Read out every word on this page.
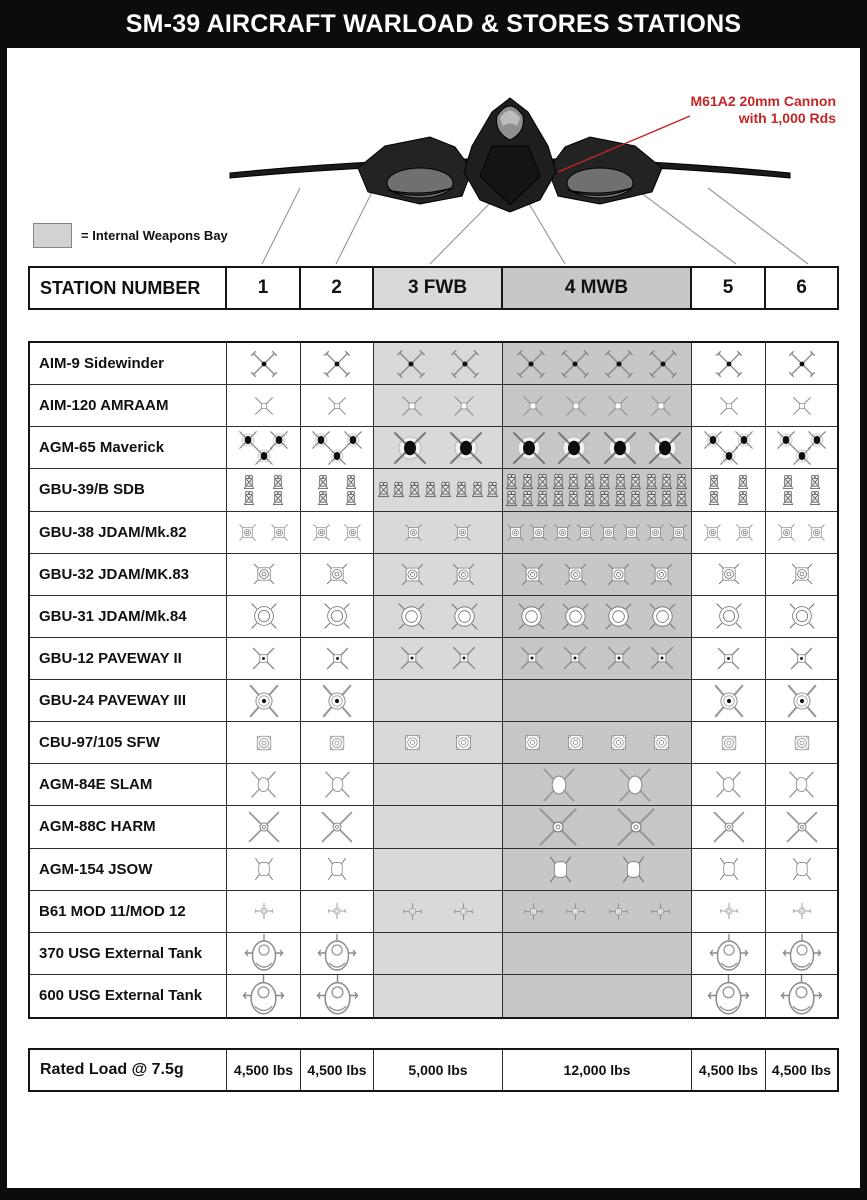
SM-39 AIRCRAFT WARLOAD & STORES STATIONS
M61A2 20mm Cannon
with 1,000 Rds
= Internal Weapons Bay
STATION NUMBER	1	2	3 FWB	4 MWB	5	6
AIM-9 Sidewinder
AIM-120 AMRAAM
AGM-65 Maverick
GBU-39/B SDB
GBU-38 JDAM/Mk.82
GBU-32 JDAM/MK.83
GBU-31 JDAM/Mk.84
GBU-12 PAVEWAY II
GBU-24 PAVEWAY III
CBU-97/105 SFW
AGM-84E SLAM
AGM-88C HARM
AGM-154 JSOW
B61 MOD 11/MOD 12
370 USG External Tank
600 USG External Tank
Rated Load @ 7.5g	4,500 lbs	4,500 lbs	5,000 lbs	12,000 lbs	4,500 lbs 4,500 lbs
